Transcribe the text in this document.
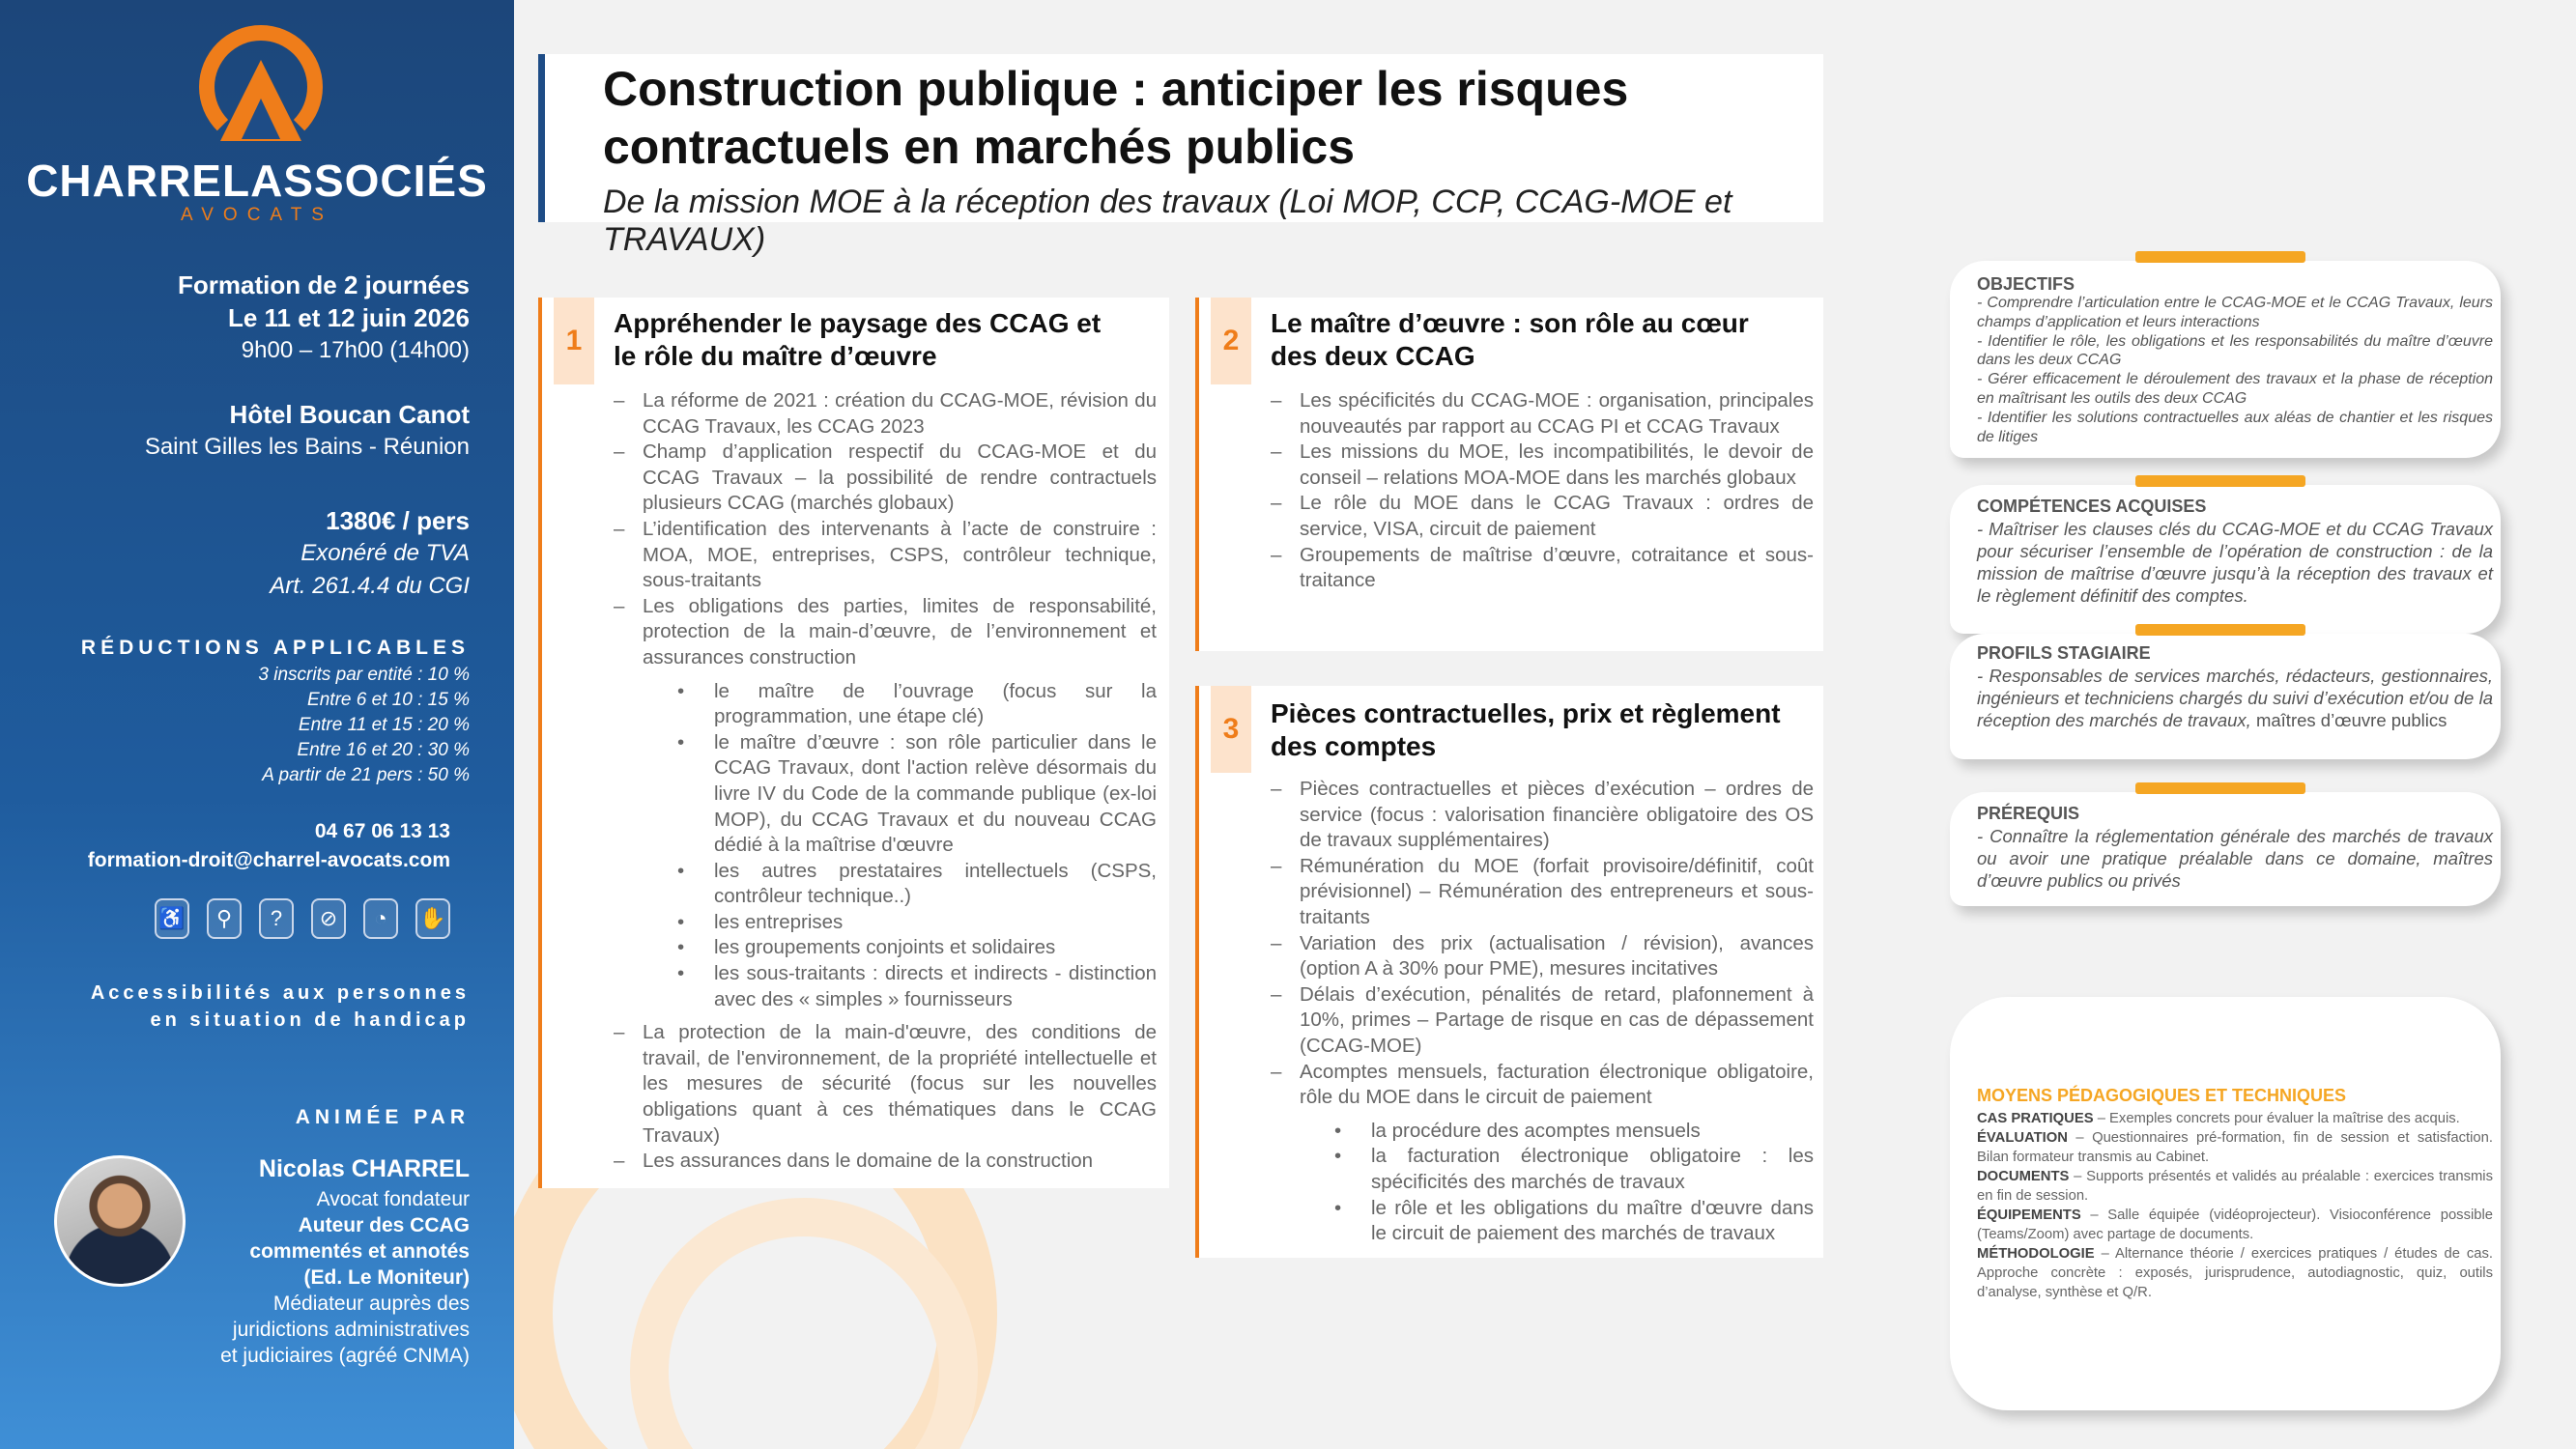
CHARRELASSOCIÉS
AVOCATS
Formation de 2 journées
Le 11 et 12 juin 2026
9h00 – 17h00 (14h00)
Hôtel Boucan Canot
Saint Gilles les Bains - Réunion
1380€ / pers
Exonéré de TVA
Art. 261.4.4 du CGI
RÉDUCTIONS APPLICABLES
3 inscrits par entité : 10 %
Entre 6 et 10 : 15 %
Entre 11 et 15 : 20 %
Entre 16 et 20 : 30 %
A partir de 21 pers : 50 %
04 67 06 13 13
formation-droit@charrel-avocats.com
♿	⚲	?	⊘	◔	✋
Accessibilités aux personnes
en situation de handicap
ANIMÉE PAR
Nicolas CHARREL
Avocat fondateur
Auteur des CCAG
commentés et annotés
(Ed. Le Moniteur)
Médiateur auprès des
juridictions administratives
et judiciaires (agréé CNMA)
Construction publique : anticiper les risques contractuels en marchés publics
De la mission MOE à la réception des travaux (Loi MOP, CCP, CCAG-MOE et TRAVAUX)
1
Appréhender le paysage des CCAG et
le rôle du maître d’œuvre
– La réforme de 2021 : création du CCAG-MOE, révision du CCAG Travaux, les CCAG 2023
– Champ d’application respectif du CCAG-MOE et du CCAG Travaux – la possibilité de rendre contractuels plusieurs CCAG (marchés globaux)
– L’identification des intervenants à l’acte de construire : MOA, MOE, entreprises, CSPS, contrôleur technique, sous-traitants
– Les obligations des parties, limites de responsabilité, protection de la main-d’œuvre, de l’environnement et assurances construction
• le maître de l’ouvrage (focus sur la programmation, une étape clé)
• le maître d’œuvre : son rôle particulier dans le CCAG Travaux, dont l'action relève désormais du livre IV du Code de la commande publique (ex-loi MOP), du CCAG Travaux et du nouveau CCAG dédié à la maîtrise d'œuvre
• les autres prestataires intellectuels (CSPS, contrôleur technique..)
• les entreprises
• les groupements conjoints et solidaires
• les sous-traitants : directs et indirects - distinction avec des « simples » fournisseurs
– La protection de la main-d'œuvre, des conditions de travail, de l'environnement, de la propriété intellectuelle et les mesures de sécurité (focus sur les nouvelles obligations quant à ces thématiques dans le CCAG Travaux)
– Les assurances dans le domaine de la construction
2
Le maître d’œuvre : son rôle au cœur
des deux CCAG
– Les spécificités du CCAG-MOE : organisation, principales nouveautés par rapport au CCAG PI et CCAG Travaux
– Les missions du MOE, les incompatibilités, le devoir de conseil – relations MOA-MOE dans les marchés globaux
– Le rôle du MOE dans le CCAG Travaux : ordres de service, VISA, circuit de paiement
– Groupements de maîtrise d’œuvre, cotraitance et sous-traitance
3	Pièces contractuelles, prix et règlement
des comptes
– Pièces contractuelles et pièces d’exécution – ordres de service (focus : valorisation financière obligatoire des OS de travaux supplémentaires)
– Rémunération du MOE (forfait provisoire/définitif, coût prévisionnel) – Rémunération des entrepreneurs et sous-traitants
– Variation des prix (actualisation / révision), avances (option A à 30% pour PME), mesures incitatives
– Délais d’exécution, pénalités de retard, plafonnement à 10%, primes – Partage de risque en cas de dépassement (CCAG-MOE)
– Acomptes mensuels, facturation électronique obligatoire, rôle du MOE dans le circuit de paiement
• la procédure des acomptes mensuels
• la facturation électronique obligatoire : les spécificités des marchés de travaux
• le rôle et les obligations du maître d'œuvre dans le circuit de paiement des marchés de travaux
OBJECTIFS
- Comprendre l’articulation entre le CCAG-MOE et le CCAG Travaux, leurs champs d’application et leurs interactions
- Identifier le rôle, les obligations et les responsabilités du maître d’œuvre dans les deux CCAG
- Gérer efficacement le déroulement des travaux et la phase de réception en maîtrisant les outils des deux CCAG
- Identifier les solutions contractuelles aux aléas de chantier et les risques de litiges
COMPÉTENCES ACQUISES
- Maîtriser les clauses clés du CCAG-MOE et du CCAG Travaux pour sécuriser l’ensemble de l’opération de construction : de la mission de maîtrise d’œuvre jusqu’à la réception des travaux et le règlement définitif des comptes.
PROFILS STAGIAIRE
- Responsables de services marchés, rédacteurs, gestionnaires, ingénieurs et techniciens chargés du suivi d’exécution et/ou de la réception des marchés de travaux, maîtres d’œuvre publics
PRÉREQUIS
- Connaître la réglementation générale des marchés de travaux ou avoir une pratique préalable dans ce domaine, maîtres d’œuvre publics ou privés
MOYENS PÉDAGOGIQUES ET TECHNIQUES

CAS PRATIQUES – Exemples concrets pour évaluer la maîtrise des acquis.

ÉVALUATION – Questionnaires pré-formation, fin de session et satisfaction. Bilan formateur transmis au Cabinet.

DOCUMENTS – Supports présentés et validés au préalable : exercices transmis en fin de session.

ÉQUIPEMENTS – Salle équipée (vidéoprojecteur). Visioconférence possible (Teams/Zoom) avec partage de documents.

MÉTHODOLOGIE – Alternance théorie / exercices pratiques / études de cas. Approche concrète : exposés, jurisprudence, autodiagnostic, quiz, outils d’analyse, synthèse et Q/R.
